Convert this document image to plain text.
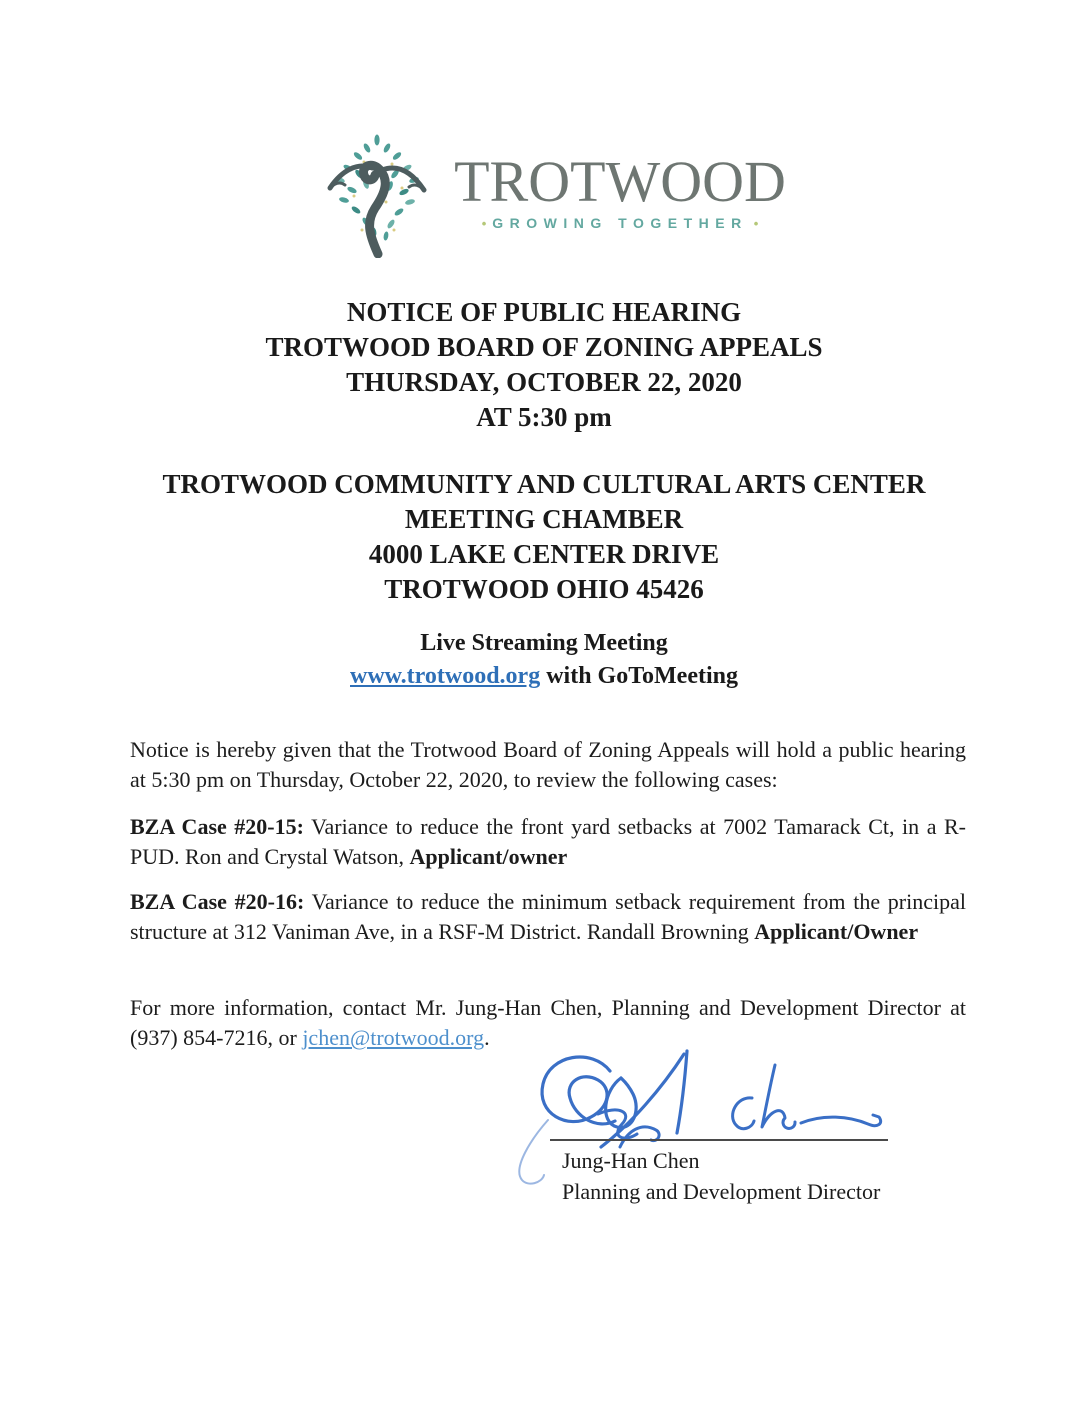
TROTWOOD
• GROWING TOGETHER •
NOTICE OF PUBLIC HEARING
TROTWOOD BOARD OF ZONING APPEALS
THURSDAY, OCTOBER 22, 2020
AT 5:30 pm
TROTWOOD COMMUNITY AND CULTURAL ARTS CENTER
MEETING CHAMBER
4000 LAKE CENTER DRIVE
TROTWOOD OHIO 45426
Live Streaming Meeting
www.trotwood.org with GoToMeeting

Notice is hereby given that the Trotwood Board of Zoning Appeals will hold a public hearing at 5:30 pm on Thursday, October 22, 2020, to review the following cases:

BZA Case #20-15: Variance to reduce the front yard setbacks at 7002 Tamarack Ct, in a R-PUD. Ron and Crystal Watson, Applicant/owner

BZA Case #20-16: Variance to reduce the minimum setback requirement from the principal structure at 312 Vaniman Ave, in a RSF-M District. Randall Browning Applicant/Owner

For more information, contact Mr. Jung-Han Chen, Planning and Development Director at (937) 854-7216, or jchen@trotwood.org.

Jung-Han Chen
Planning and Development Director
